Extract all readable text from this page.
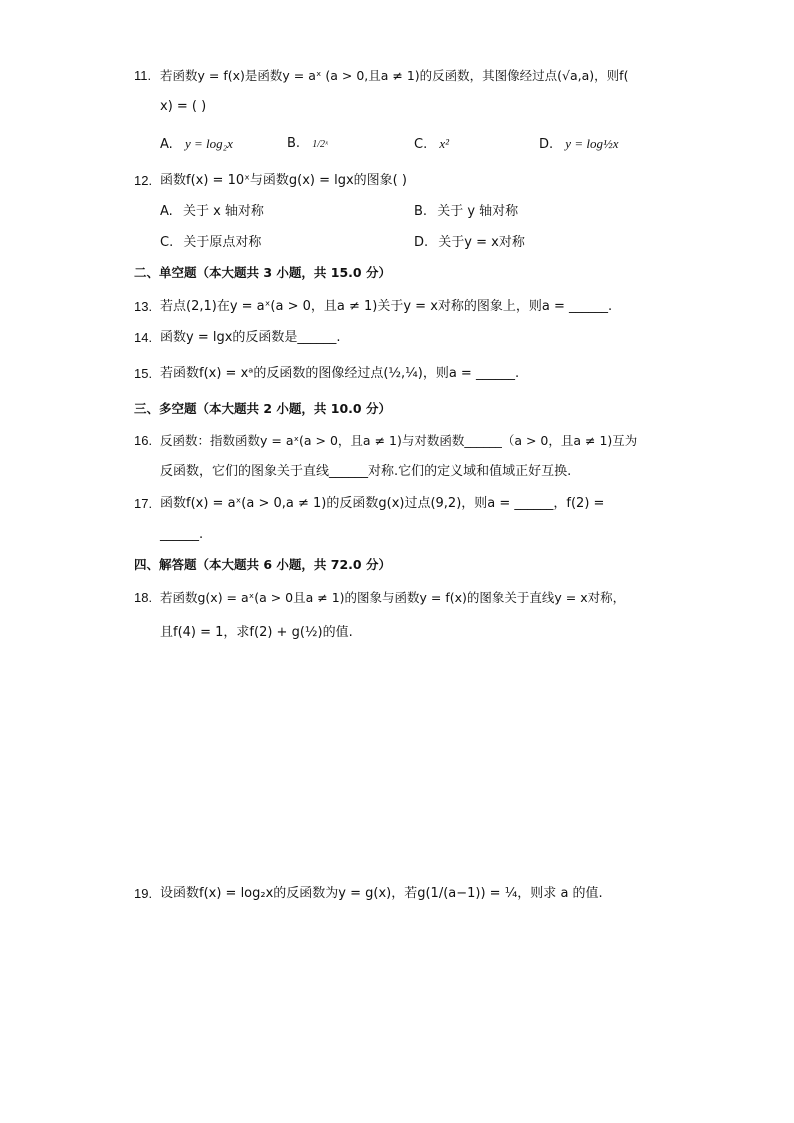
11. 若函数y = f(x)是函数y = aˣ (a > 0,且a ≠ 1)的反函数，其图像经过点(√a,a)，则f(
x) = ( )
A. y = log₂x	B. 1/2ˣ	C. x²	D. y = log½x
12. 函数f(x) = 10ˣ与函数g(x) = lgx的图象( )
A. 关于 x 轴对称	B. 关于 y 轴对称
C. 关于原点对称	D. 关于y = x对称
二、单空题（本大题共 3 小题，共 15.0 分）
13. 若点(2,1)在y = aˣ(a > 0，且a ≠ 1)关于y = x对称的图象上，则a = ______.
14. 函数y = lgx的反函数是______.
15. 若函数f(x) = xᵃ的反函数的图像经过点(½,¼)，则a = ______.
三、多空题（本大题共 2 小题，共 10.0 分）
16. 反函数：指数函数y = aˣ(a > 0，且a ≠ 1)与对数函数______（a > 0，且a ≠ 1)互为
反函数，它们的图象关于直线______对称.它们的定义域和值域正好互换.
17. 函数f(x) = aˣ(a > 0,a ≠ 1)的反函数g(x)过点(9,2)，则a = ______，f(2) =
______.
四、解答题（本大题共 6 小题，共 72.0 分）
18. 若函数g(x) = aˣ(a > 0且a ≠ 1)的图象与函数y = f(x)的图象关于直线y = x对称，
且f(4) = 1，求f(2) + g(½)的值.
19. 设函数f(x) = log₂x的反函数为y = g(x)，若g(1/(a−1)) = ¼，则求 a 的值.
